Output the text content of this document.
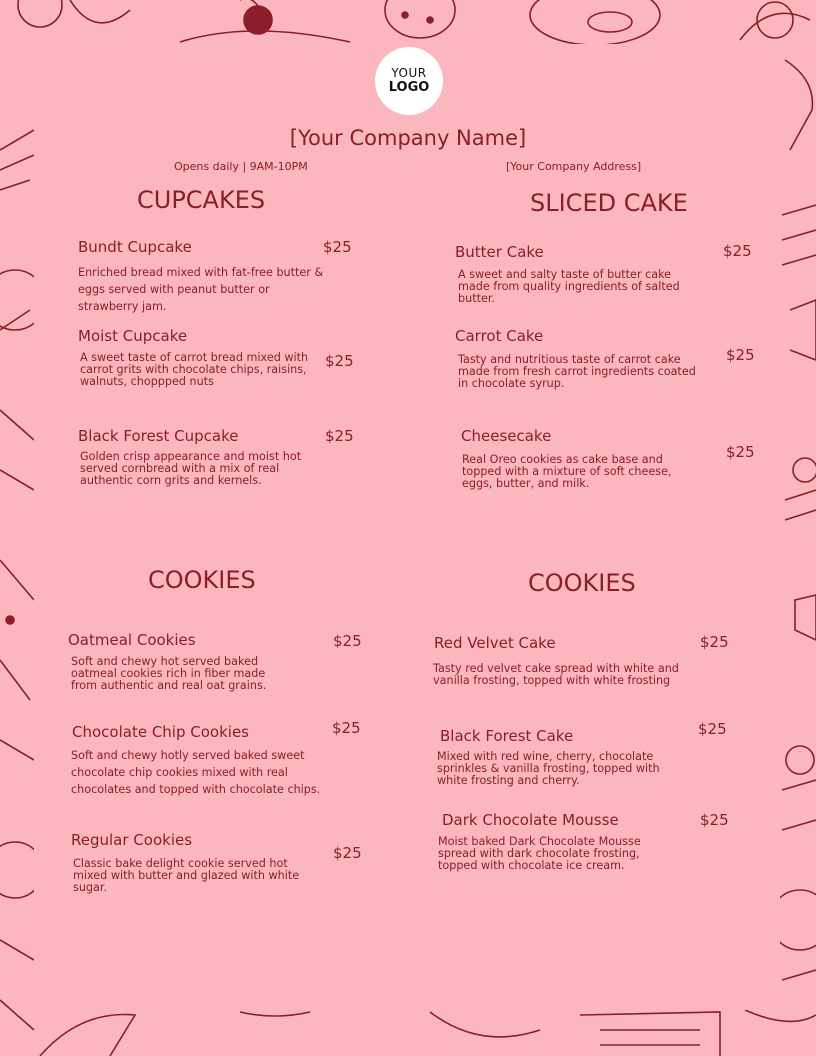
YOUR
LOGO
[Your Company Name]
Opens daily | 9AM-10PM	[Your Company Address]
CUPCAKES
Bundt Cupcake	$25
Enriched bread mixed with fat-free butter & eggs served with peanut butter or strawberry jam.
Moist Cupcake
$25
A sweet taste of carrot bread mixed with carrot grits with chocolate chips, raisins, walnuts, choppped nuts
Black Forest Cupcake	$25
Golden crisp appearance and moist hot served cornbread with a mix of real authentic corn grits and kernels.
SLICED CAKE
Butter Cake	$25
A sweet and salty taste of butter cake made from quality ingredients of salted butter.
Carrot Cake
$25
Tasty and nutritious taste of carrot cake made from fresh carrot ingredients coated in chocolate syrup.
Cheesecake
$25
Real Oreo cookies as cake base and topped with a mixture of soft cheese, eggs, butter, and milk.
COOKIES
Oatmeal Cookies	$25
Soft and chewy hot served baked oatmeal cookies rich in fiber made from authentic and real oat grains.
Chocolate Chip Cookies	$25
Soft and chewy hotly served baked sweet chocolate chip cookies mixed with real chocolates and topped with chocolate chips.
Regular Cookies
$25
Classic bake delight cookie served hot mixed with butter and glazed with white sugar.
COOKIES
Red Velvet Cake	$25
Tasty red velvet cake spread with white and vanilla frosting, topped with white frosting
Black Forest Cake	$25
Mixed with red wine, cherry, chocolate sprinkles & vanilla frosting, topped with white frosting and cherry.
Dark Chocolate Mousse	$25
Moist baked Dark Chocolate Mousse spread with dark chocolate frosting, topped with chocolate ice cream.
